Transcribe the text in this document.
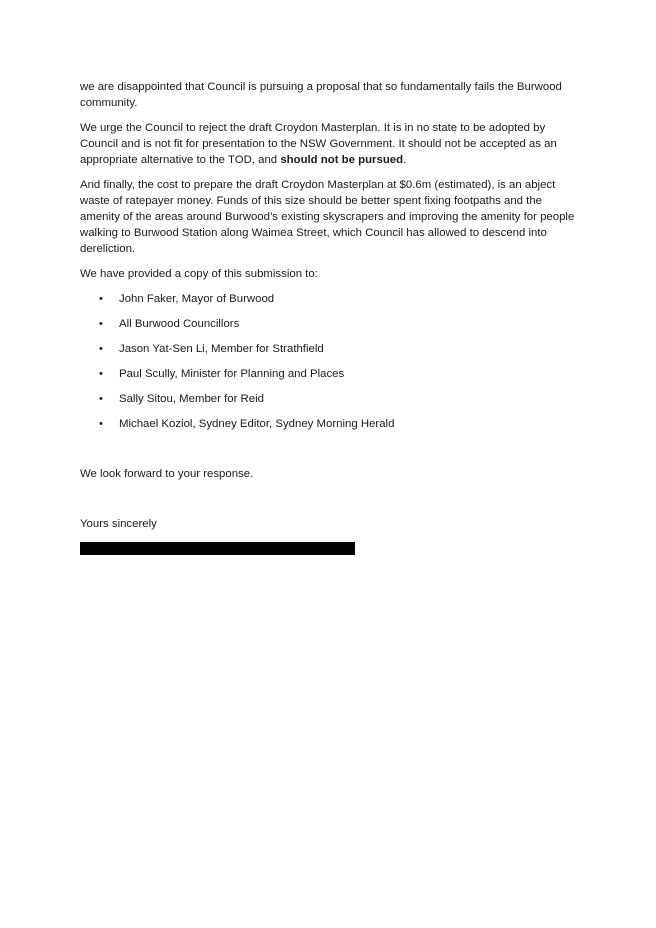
we are disappointed that Council is pursuing a proposal that so fundamentally fails the Burwood community.

We urge the Council to reject the draft Croydon Masterplan. It is in no state to be adopted by Council and is not fit for presentation to the NSW Government. It should not be accepted as an appropriate alternative to the TOD, and should not be pursued.

And finally, the cost to prepare the draft Croydon Masterplan at $0.6m (estimated), is an abject waste of ratepayer money. Funds of this size should be better spent fixing footpaths and the amenity of the areas around Burwood’s existing skyscrapers and improving the amenity for people walking to Burwood Station along Waimea Street, which Council has allowed to descend into dereliction.

We have provided a copy of this submission to:

• John Faker, Mayor of Burwood
• All Burwood Councillors
• Jason Yat-Sen Li, Member for Strathfield
• Paul Scully, Minister for Planning and Places
• Sally Sitou, Member for Reid
• Michael Koziol, Sydney Editor, Sydney Morning Herald

We look forward to your response.

Yours sincerely
